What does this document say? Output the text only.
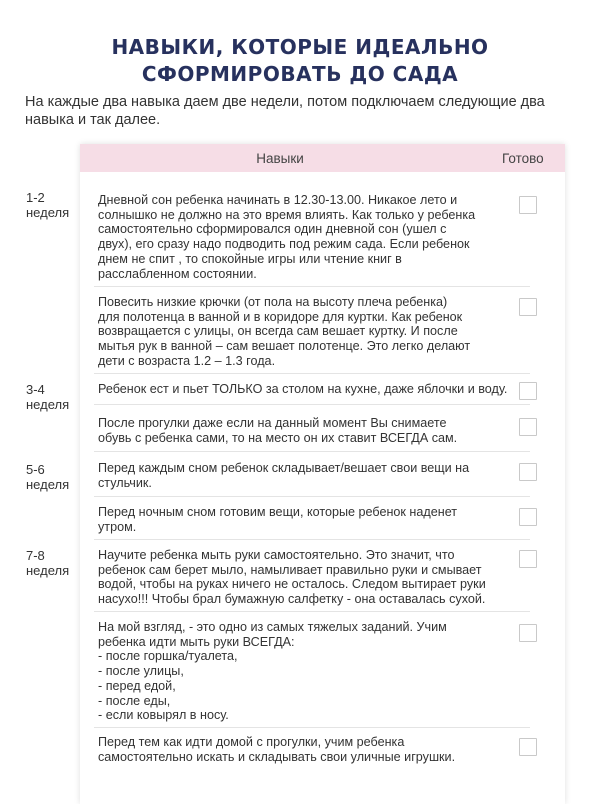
НАВЫКИ, КОТОРЫЕ ИДЕАЛЬНО
СФОРМИРОВАТЬ ДО САДА
На каждые два навыка даем две недели, потом подключаем следующие два навыка и так далее.
Навыки	Готово
1-2
неделя
3-4
неделя
5-6
неделя
7-8
неделя
Дневной сон ребенка начинать в 12.30-13.00. Никакое лето и
солнышко не должно на это время влиять. Как только у ребенка
самостоятельно сформировался один дневной сон (ушел с
двух), его сразу надо подводить под режим сада. Если ребенок
днем не спит , то спокойные игры или чтение книг в
расслабленном состоянии.
Повесить низкие крючки (от пола на высоту плеча ребенка)
для полотенца в ванной и в коридоре для куртки. Как ребенок
возвращается с улицы, он всегда сам вешает куртку. И после
мытья рук в ванной – сам вешает полотенце. Это легко делают
дети с возраста 1.2 – 1.3 года.
Ребенок ест и пьет ТОЛЬКО за столом на кухне, даже яблочки и воду.
После прогулки даже если на данный момент Вы снимаете
обувь с ребенка сами, то на место он их ставит ВСЕГДА сам.
Перед каждым сном ребенок складывает/вешает свои вещи на
стульчик.
Перед ночным сном готовим вещи, которые ребенок наденет
утром.
Научите ребенка мыть руки самостоятельно. Это значит, что
ребенок сам берет мыло, намыливает правильно руки и смывает
водой, чтобы на руках ничего не осталось. Следом вытирает руки
насухо!!! Чтобы брал бумажную салфетку - она оставалась сухой.
На мой взгляд, - это одно из самых тяжелых заданий. Учим
ребенка идти мыть руки ВСЕГДА:
- после горшка/туалета,
- после улицы,
- перед едой,
- после еды,
- если ковырял в носу.
Перед тем как идти домой с прогулки, учим ребенка
самостоятельно искать и складывать свои уличные игрушки.
